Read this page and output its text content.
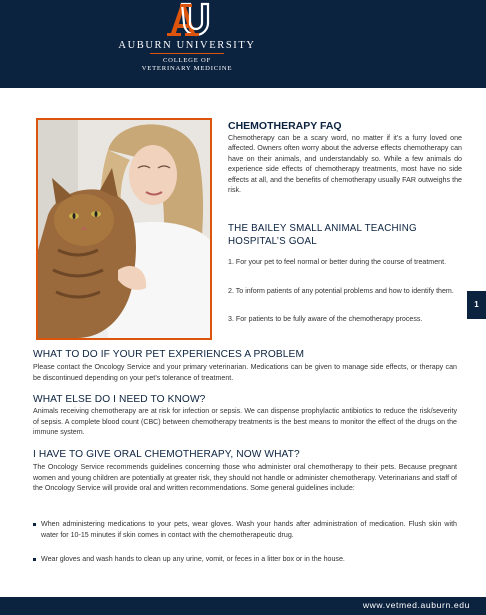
AUBURN UNIVERSITY
COLLEGE OF
VETERINARY MEDICINE
1
CHEMOTHERAPY FAQ
Chemotherapy can be a scary word, no matter if it’s a furry loved one affected. Owners often worry about the adverse effects chemotherapy can have on their animals, and understandably so. While a few animals do experience side effects of chemotherapy treatments, most have no side effects at all, and the benefits of chemotherapy usually FAR outweighs the risk.
THE BAILEY SMALL ANIMAL TEACHING HOSPITAL’S GOAL
1. For your pet to feel normal or better during the course of treatment.
2. To inform patients of any potential problems and how to identify them.
3. For patients to be fully aware of the chemotherapy process.
WHAT TO DO IF YOUR PET EXPERIENCES A PROBLEM
Please contact the Oncology Service and your primary veterinarian. Medications can be given to manage side effects, or therapy can be discontinued depending on your pet’s tolerance of treatment.
WHAT ELSE DO I NEED TO KNOW?
Animals receiving chemotherapy are at risk for infection or sepsis. We can dispense prophylactic antibiotics to reduce the risk/severity of sepsis. A complete blood count (CBC) between chemotherapy treatments is the best means to monitor the effect of the drugs on the immune system.
I HAVE TO GIVE ORAL CHEMOTHERAPY, NOW WHAT?
The Oncology Service recommends guidelines concerning those who administer oral chemotherapy to their pets. Because pregnant women and young children are potentially at greater risk, they should not handle or administer chemotherapy. Veterinarians and staff of the Oncology Service will provide oral and written recommendations. Some general guidelines include:
When administering medications to your pets, wear gloves. Wash your hands after administration of medication. Flush skin with water for 10-15 minutes if skin comes in contact with the chemotherapeutic drug.
Wear gloves and wash hands to clean up any urine, vomit, or feces in a litter box or in the house.
www.vetmed.auburn.edu
